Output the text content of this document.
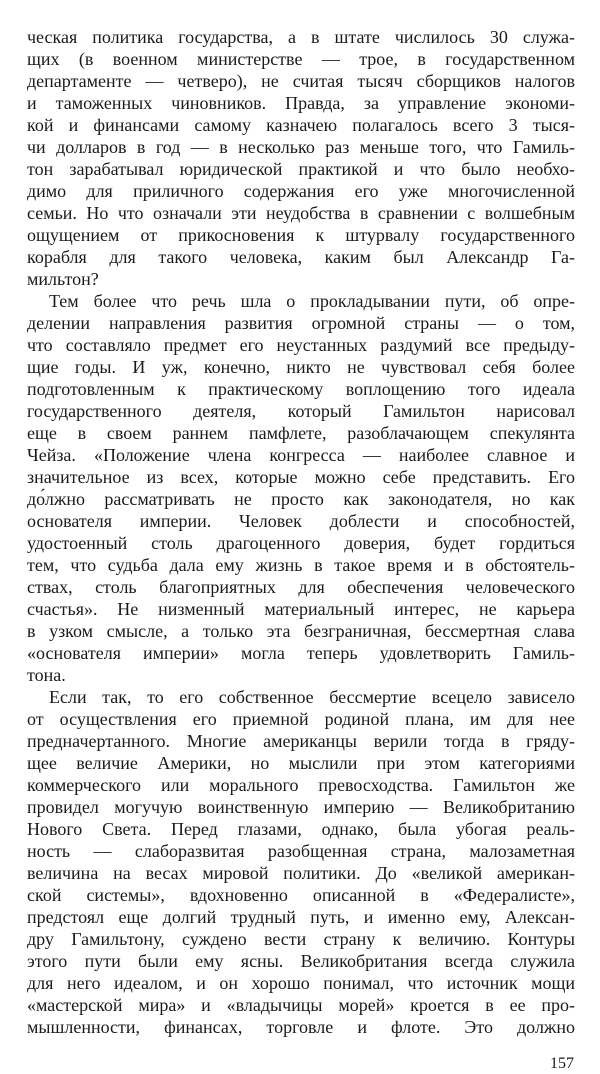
ческая политика государства, а в штате числилось 30 служа-
щих (в военном министерстве — трое, в государственном
департаменте — четверо), не считая тысяч сборщиков налогов
и таможенных чиновников. Правда, за управление экономи-
кой и финансами самому казначею полагалось всего 3 тыся-
чи долларов в год — в несколько раз меньше того, что Гамиль-
тон зарабатывал юридической практикой и что было необхо-
димо для приличного содержания его уже многочисленной
семьи. Но что означали эти неудобства в сравнении с волшебным
ощущением от прикосновения к штурвалу государственного
корабля для такого человека, каким был Александр Га-
мильтон?
Тем более что речь шла о прокладывании пути, об опре-
делении направления развития огромной страны — о том,
что составляло предмет его неустанных раздумий все предыду-
щие годы. И уж, конечно, никто не чувствовал себя более
подготовленным к практическому воплощению того идеала
государственного деятеля, который Гамильтон нарисовал
еще в своем раннем памфлете, разоблачающем спекулянта
Чейза. «Положение члена конгресса — наиболее славное и
значительное из всех, которые можно себе представить. Его
до́лжно рассматривать не просто как законодателя, но как
основателя империи. Человек доблести и способностей,
удостоенный столь драгоценного доверия, будет гордиться
тем, что судьба дала ему жизнь в такое время и в обстоятель-
ствах, столь благоприятных для обеспечения человеческого
счастья». Не низменный материальный интерес, не карьера
в узком смысле, а только эта безграничная, бессмертная слава
«основателя империи» могла теперь удовлетворить Гамиль-
тона.
Если так, то его собственное бессмертие всецело зависело
от осуществления его приемной родиной плана, им для нее
предначертанного. Многие американцы верили тогда в гряду-
щее величие Америки, но мыслили при этом категориями
коммерческого или морального превосходства. Гамильтон же
провидел могучую воинственную империю — Великобританию
Нового Света. Перед глазами, однако, была убогая реаль-
ность — слаборазвитая разобщенная страна, малозаметная
величина на весах мировой политики. До «великой американ-
ской системы», вдохновенно описанной в «Федералисте»,
предстоял еще долгий трудный путь, и именно ему, Алексан-
дру Гамильтону, суждено вести страну к величию. Контуры
этого пути были ему ясны. Великобритания всегда служила
для него идеалом, и он хорошо понимал, что источник мощи
«мастерской мира» и «владычицы морей» кроется в ее про-
мышленности, финансах, торговле и флоте. Это должно
157
